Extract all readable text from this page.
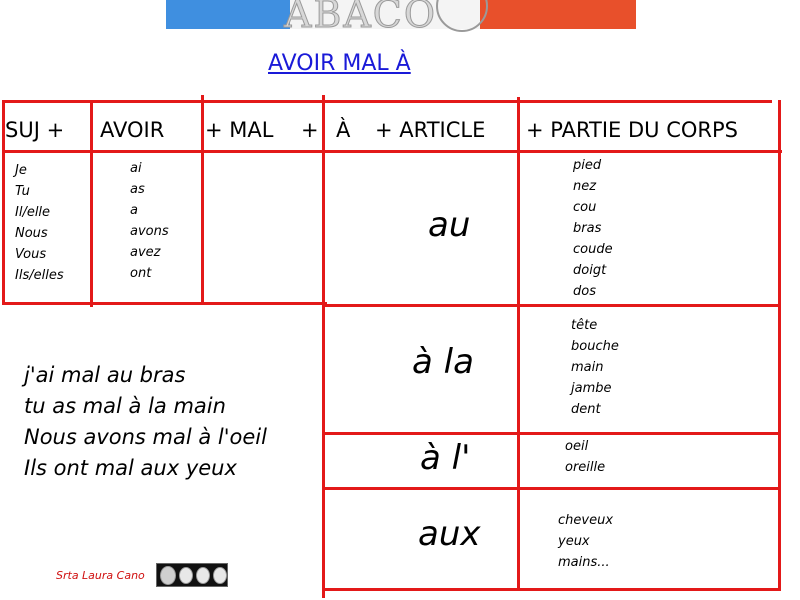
ABACO
AVOIR MAL À
SUJ + AVOIR + MAL + À + ARTICLE + PARTIE DU CORPS
Je
Tu
Il/elle
Nous
Vous
Ils/elles
ai
as
a
avons
avez
ont
au
pied
nez
cou
bras
coude
doigt
dos
à la
tête
bouche
main
jambe
dent
à l'	oeil
oreille
aux	cheveux
yeux
mains...
j'ai mal au bras
tu as mal à la main
Nous avons mal à l'oeil
Ils ont mal aux yeux
Srta Laura Cano
